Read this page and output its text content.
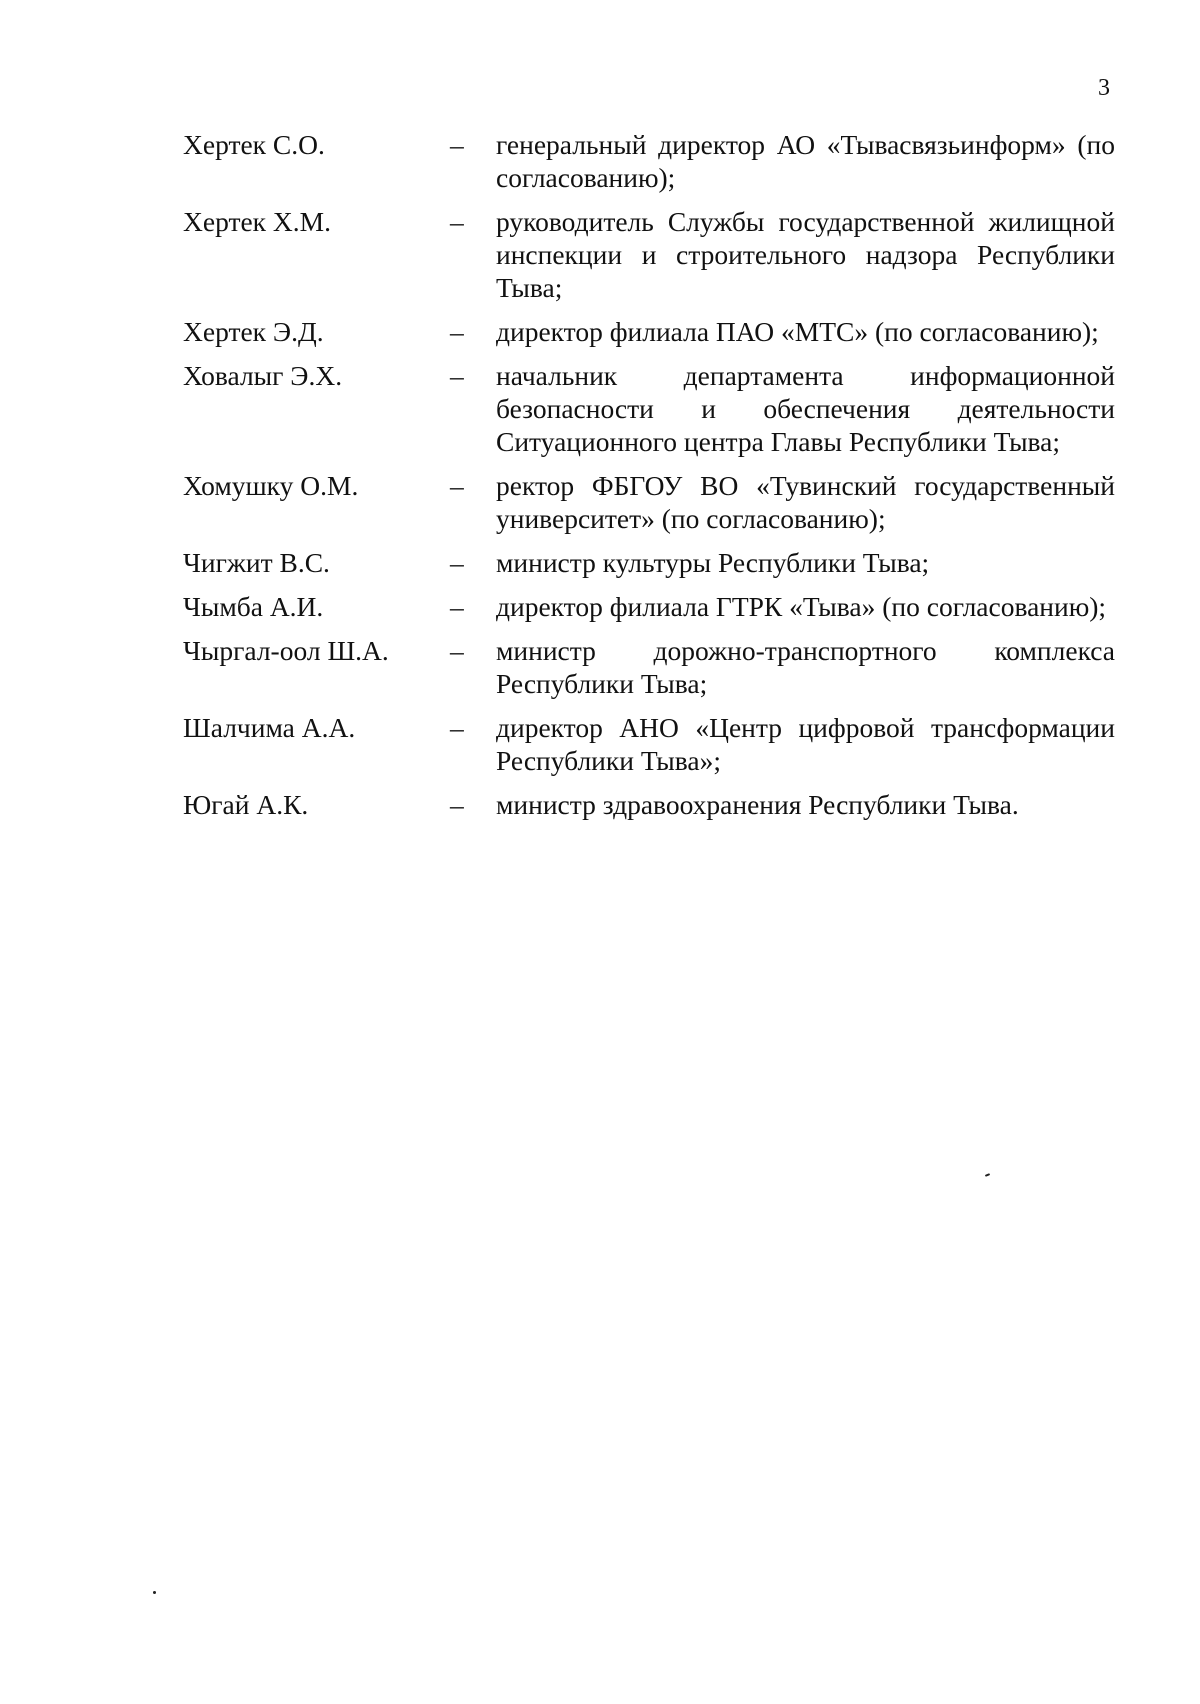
3
Хертек С.О.	–	генеральный директор АО «Тывасвязьинформ» (по согласованию);
Хертек Х.М.	–	руководитель Службы государственной жилищной инспекции и строительного надзора Республики Тыва;
Хертек Э.Д.	–	директор филиала ПАО «МТС» (по согласованию);
Ховалыг Э.Х.	–	начальник департамента информационной безопасности и обеспечения деятельности Ситуационного центра Главы Республики Тыва;
Хомушку О.М.	–	ректор ФБГОУ ВО «Тувинский государственный университет» (по согласованию);
Чигжит В.С.	–	министр культуры Республики Тыва;
Чымба А.И.	–	директор филиала ГТРК «Тыва» (по согласованию);
Чыргал-оол Ш.А.	–	министр дорожно-транспортного комплекса Республики Тыва;
Шалчима А.А.	–	директор АНО «Центр цифровой трансформации Республики Тыва»;
Югай А.К.	–	министр здравоохранения Республики Тыва.
